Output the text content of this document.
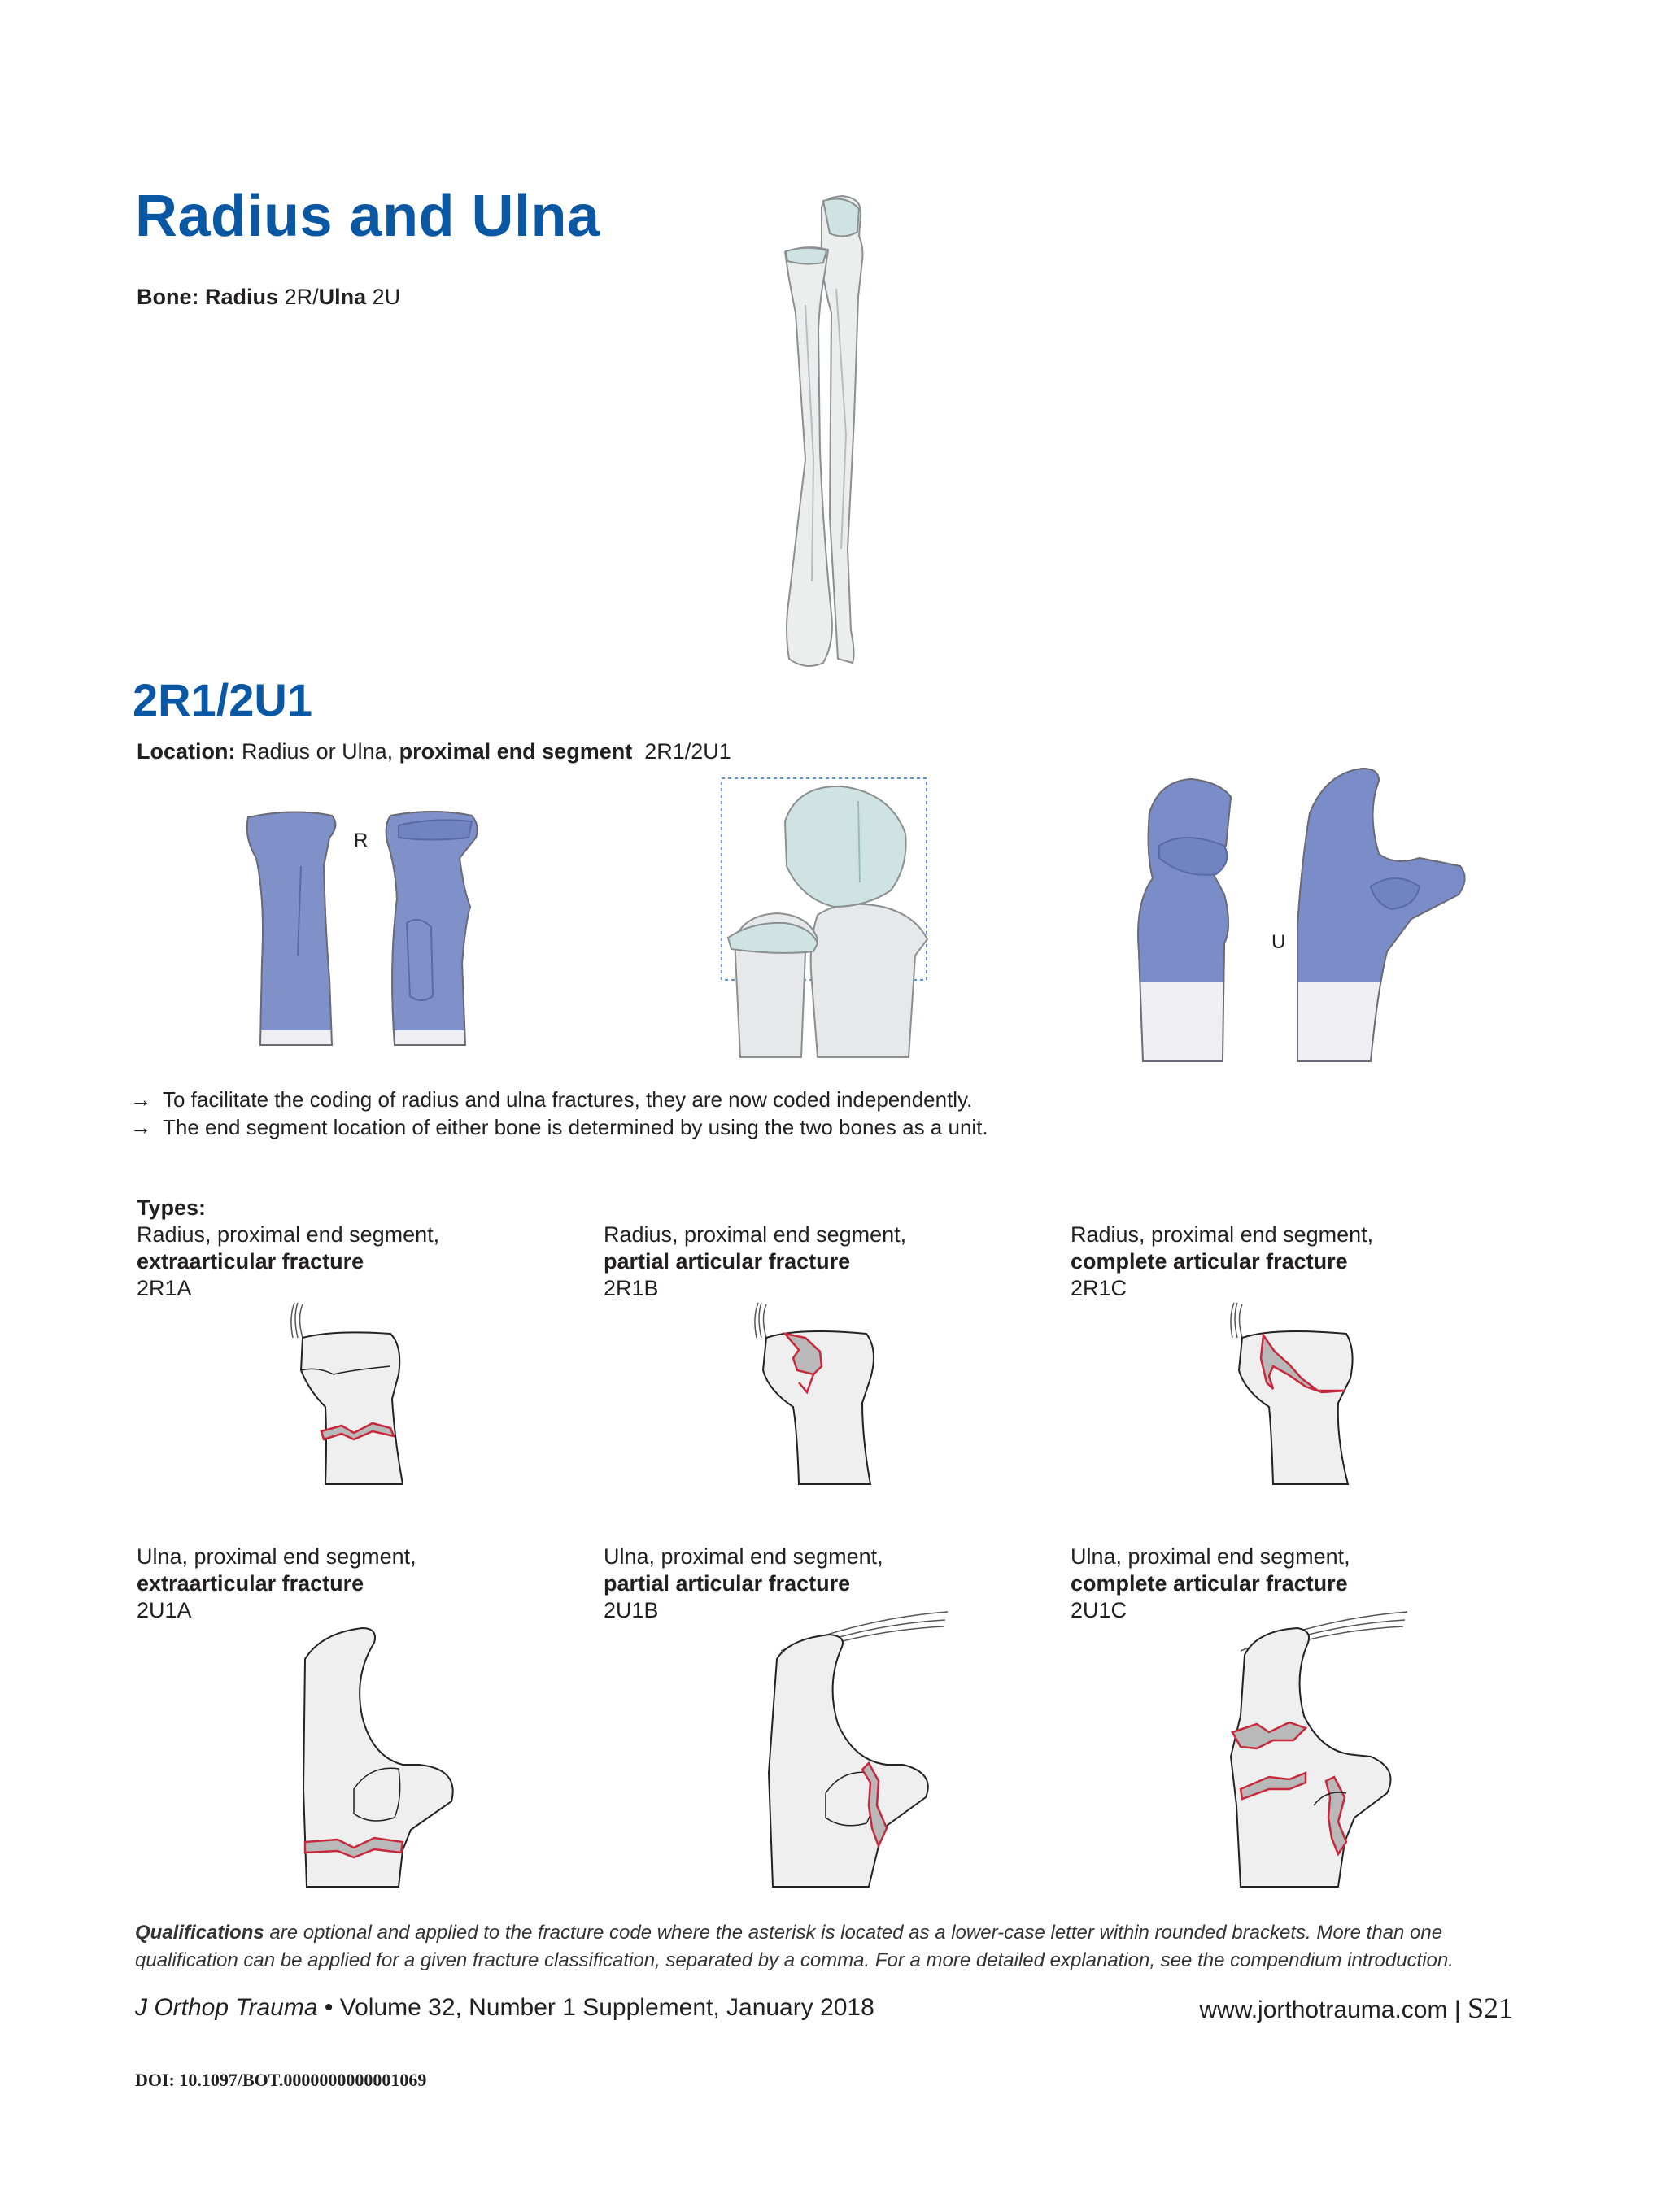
Radius and Ulna
Bone: Radius 2R/Ulna 2U
2R1/2U1
Location: Radius or Ulna, proximal end segment 2R1/2U1
R
U
→ To facilitate the coding of radius and ulna fractures, they are now coded independently.
→ The end segment location of either bone is determined by using the two bones as a unit.
Types:
Radius, proximal end segment,
extraarticular fracture
2R1A
Radius, proximal end segment,
partial articular fracture
2R1B
Radius, proximal end segment,
complete articular fracture
2R1C
Ulna, proximal end segment,
extraarticular fracture
2U1A
Ulna, proximal end segment,
partial articular fracture
2U1B
Ulna, proximal end segment,
complete articular fracture
2U1C
Qualifications are optional and applied to the fracture code where the asterisk is located as a lower-case letter within rounded brackets. More than one qualification can be applied for a given fracture classification, separated by a comma. For a more detailed explanation, see the compendium introduction.
J Orthop Trauma • Volume 32, Number 1 Supplement, January 2018	www.jorthotrauma.com | S21
DOI: 10.1097/BOT.0000000000001069
